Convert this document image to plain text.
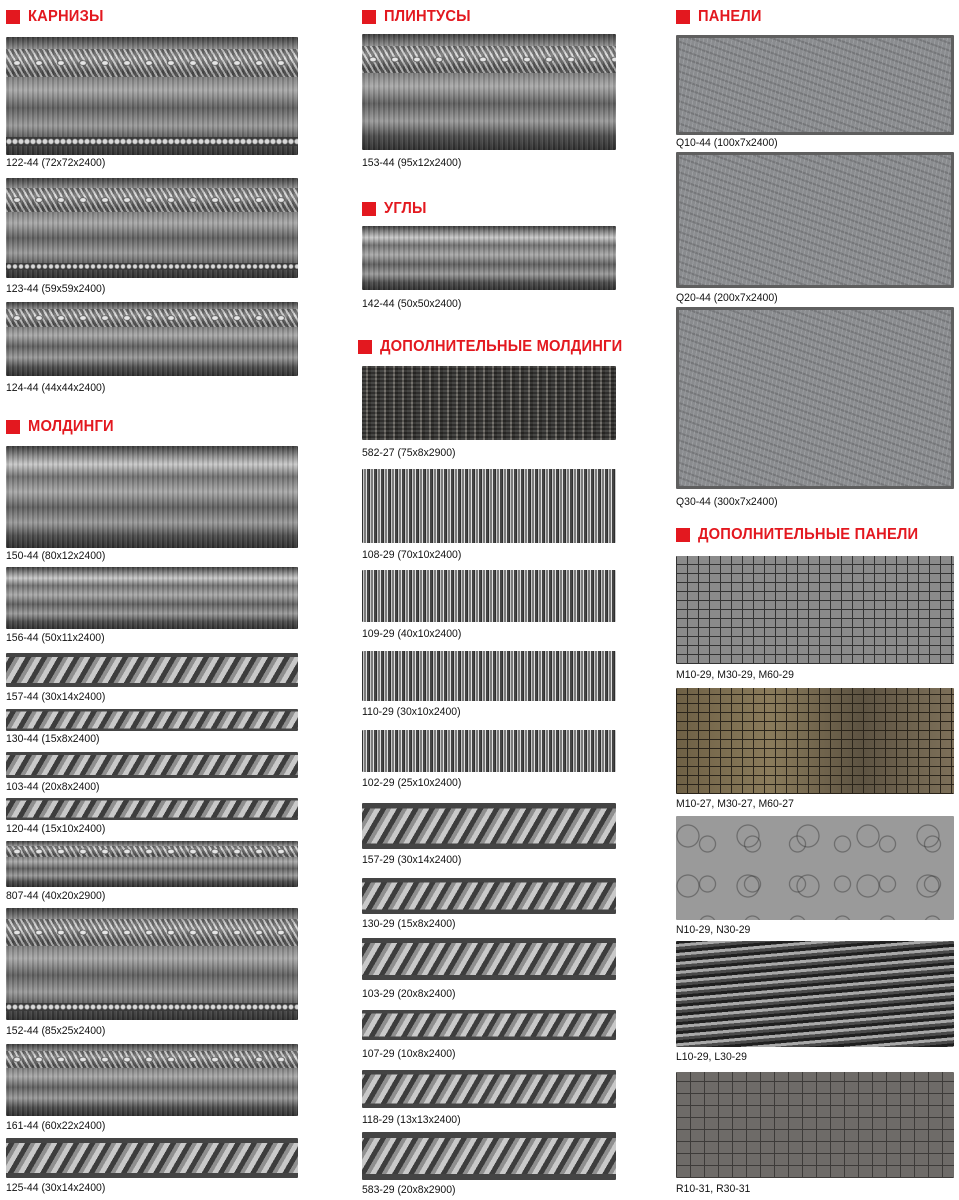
КАРНИЗЫ
122-44 (72x72x2400)
123-44 (59x59x2400)
124-44 (44x44x2400)
МОЛДИНГИ
150-44 (80x12x2400)
156-44 (50x11x2400)
157-44 (30x14x2400)
130-44 (15x8x2400)
103-44 (20x8x2400)
120-44 (15x10x2400)
807-44 (40x20x2900)
152-44 (85x25x2400)
161-44 (60x22x2400)
125-44 (30x14x2400)
ПЛИНТУСЫ
153-44 (95x12x2400)
УГЛЫ
142-44 (50x50x2400)
ДОПОЛНИТЕЛЬНЫЕ МОЛДИНГИ
582-27 (75x8x2900)
108-29 (70x10x2400)
109-29 (40x10x2400)
110-29 (30x10x2400)
102-29 (25x10x2400)
157-29 (30x14x2400)
130-29 (15x8x2400)
103-29 (20x8x2400)
107-29 (10x8x2400)
118-29 (13x13x2400)
583-29 (20x8x2900)
ПАНЕЛИ
Q10-44 (100x7x2400)
Q20-44 (200x7x2400)
Q30-44 (300x7x2400)
ДОПОЛНИТЕЛЬНЫЕ ПАНЕЛИ
M10-29, M30-29, M60-29
M10-27, M30-27, M60-27
N10-29, N30-29
L10-29, L30-29
R10-31, R30-31
